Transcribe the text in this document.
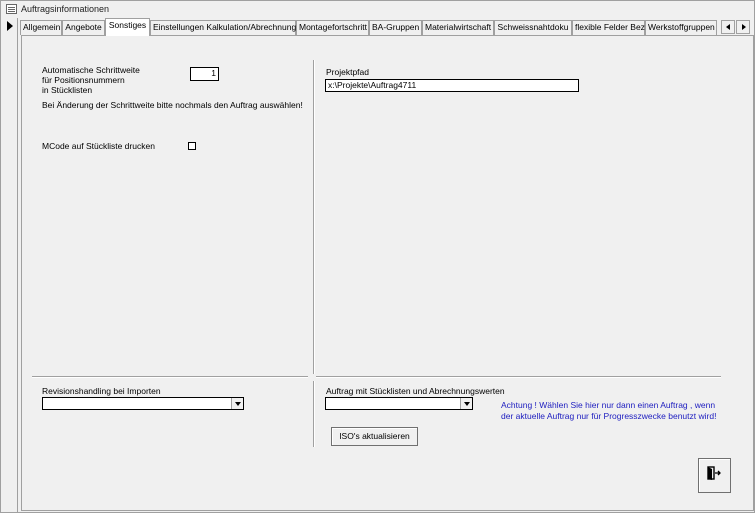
Auftragsinformationen
Allgemein Angebote Sonstiges Einstellungen Kalkulation/Abrechnung Montagefortschritt BA-Gruppen Materialwirtschaft Schweissnahtdoku flexible Felder Bez Werkstoffgruppen
Automatische Schrittweite
für Positionsnummern
in Stücklisten
1
Bei Änderung der Schrittweite bitte nochmals den Auftrag auswählen!
MCode auf Stückliste drucken
Projektpfad
x:\Projekte\Auftrag4711
Revisionshandling bei Importen	Auftrag mit Stücklisten und Abrechnungswerten
Achtung ! Wählen Sie hier nur dann einen Auftrag , wenn
der aktuelle Auftrag nur für Progresszwecke benutzt wird!
ISO's aktualisieren
